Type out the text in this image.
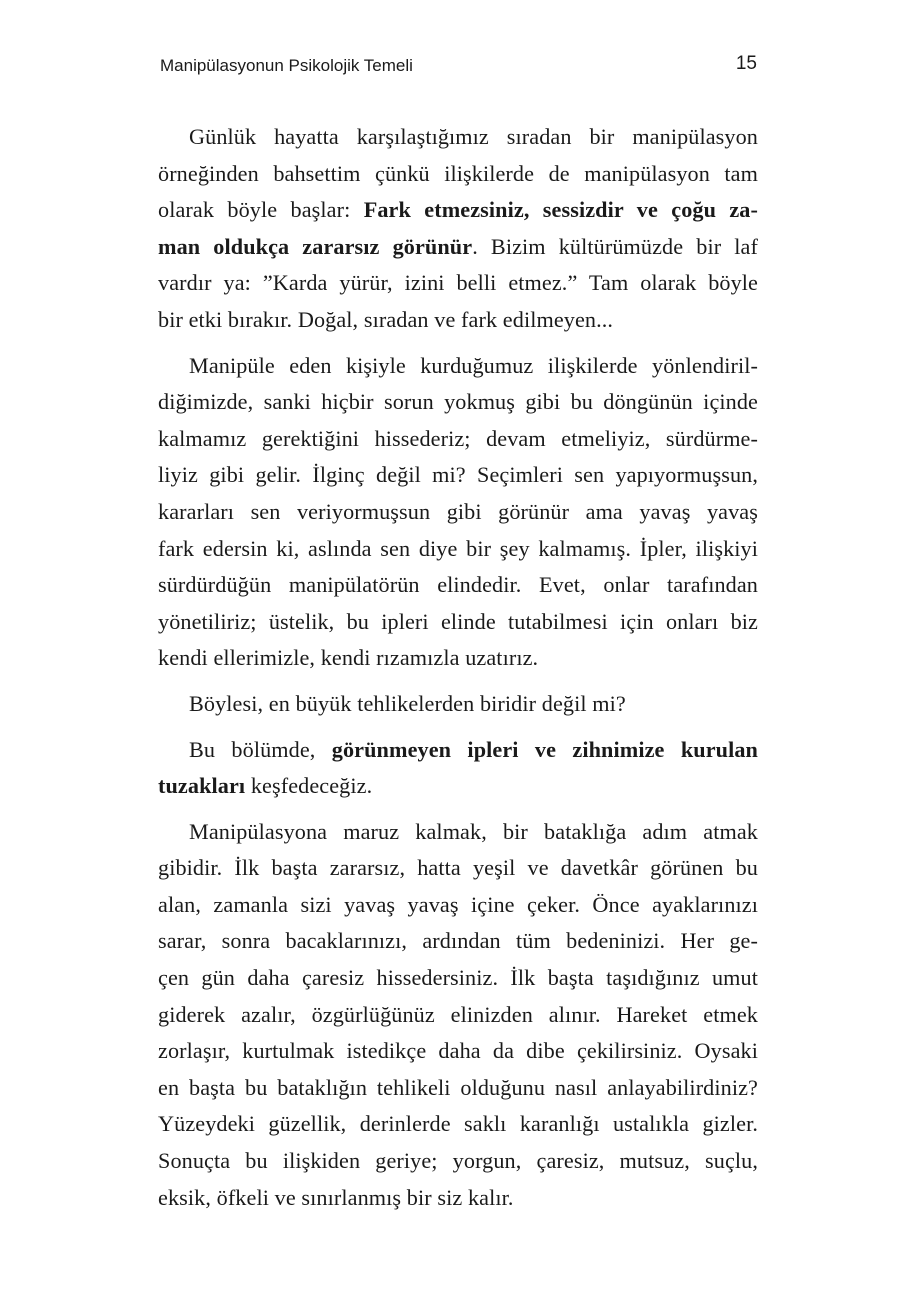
Manipülasyonun Psikolojik Temeli	15

Günlük hayatta karşılaştığımız sıradan bir manipülasyon
örneğinden bahsettim çünkü ilişkilerde de manipülasyon tam
olarak böyle başlar: Fark etmezsiniz, sessizdir ve çoğu za-
man oldukça zararsız görünür. Bizim kültürümüzde bir laf
vardır ya: ”Karda yürür, izini belli etmez.” Tam olarak böyle
bir etki bırakır. Doğal, sıradan ve fark edilmeyen...

Manipüle eden kişiyle kurduğumuz ilişkilerde yönlendiril-
diğimizde, sanki hiçbir sorun yokmuş gibi bu döngünün içinde
kalmamız gerektiğini hissederiz; devam etmeliyiz, sürdürme-
liyiz gibi gelir. İlginç değil mi? Seçimleri sen yapıyormuşsun,
kararları sen veriyormuşsun gibi görünür ama yavaş yavaş
fark edersin ki, aslında sen diye bir şey kalmamış. İpler, ilişkiyi
sürdürdüğün manipülatörün elindedir. Evet, onlar tarafından
yönetiliriz; üstelik, bu ipleri elinde tutabilmesi için onları biz
kendi ellerimizle, kendi rızamızla uzatırız.

Böylesi, en büyük tehlikelerden biridir değil mi?

Bu bölümde, görünmeyen ipleri ve zihnimize kurulan
tuzakları keşfedeceğiz.

Manipülasyona maruz kalmak, bir bataklığa adım atmak
gibidir. İlk başta zararsız, hatta yeşil ve davetkâr görünen bu
alan, zamanla sizi yavaş yavaş içine çeker. Önce ayaklarınızı
sarar, sonra bacaklarınızı, ardından tüm bedeninizi. Her ge-
çen gün daha çaresiz hissedersiniz. İlk başta taşıdığınız umut
giderek azalır, özgürlüğünüz elinizden alınır. Hareket etmek
zorlaşır, kurtulmak istedikçe daha da dibe çekilirsiniz. Oysaki
en başta bu bataklığın tehlikeli olduğunu nasıl anlayabilirdiniz?
Yüzeydeki güzellik, derinlerde saklı karanlığı ustalıkla gizler.
Sonuçta bu ilişkiden geriye; yorgun, çaresiz, mutsuz, suçlu,
eksik, öfkeli ve sınırlanmış bir siz kalır.
